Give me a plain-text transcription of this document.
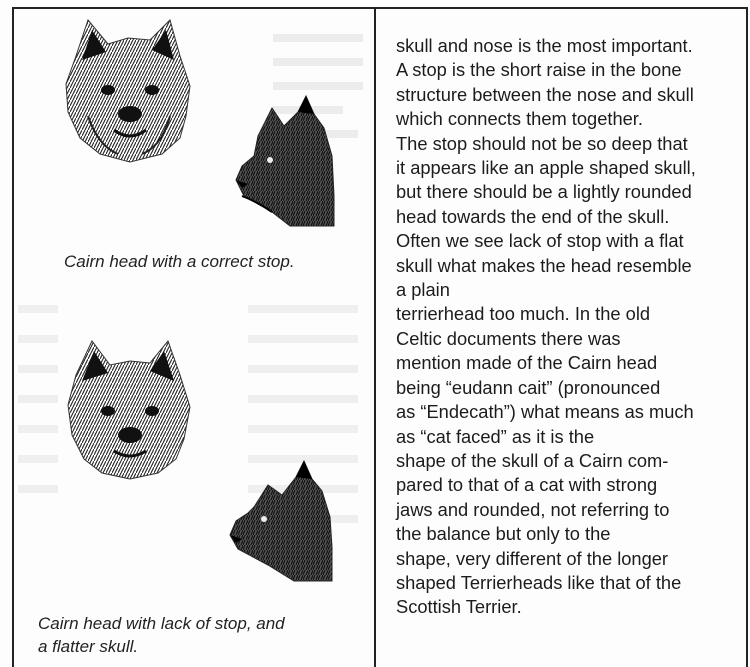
Cairn head with a correct stop.
Cairn head with lack of stop, and
a flatter skull.
skull and nose is the most important.
A stop is the short raise in the bone
structure between the nose and skull
which connects them together.
The stop should not be so deep that
it appears like an apple shaped skull,
but there should be a lightly rounded
head towards the end of the skull.
Often we see lack of stop with a flat
skull what makes the head resemble
a plain
terrierhead too much. In the old
Celtic documents there was
mention made of the Cairn head
being “eudann cait” (pronounced
as “Endecath”) what means as much
as “cat faced” as it is the
shape of the skull of a Cairn com-
pared to that of a cat with strong
jaws and rounded, not referring to
the balance but only to the
shape, very different of the longer
shaped Terrierheads like that of the
Scottish Terrier.
